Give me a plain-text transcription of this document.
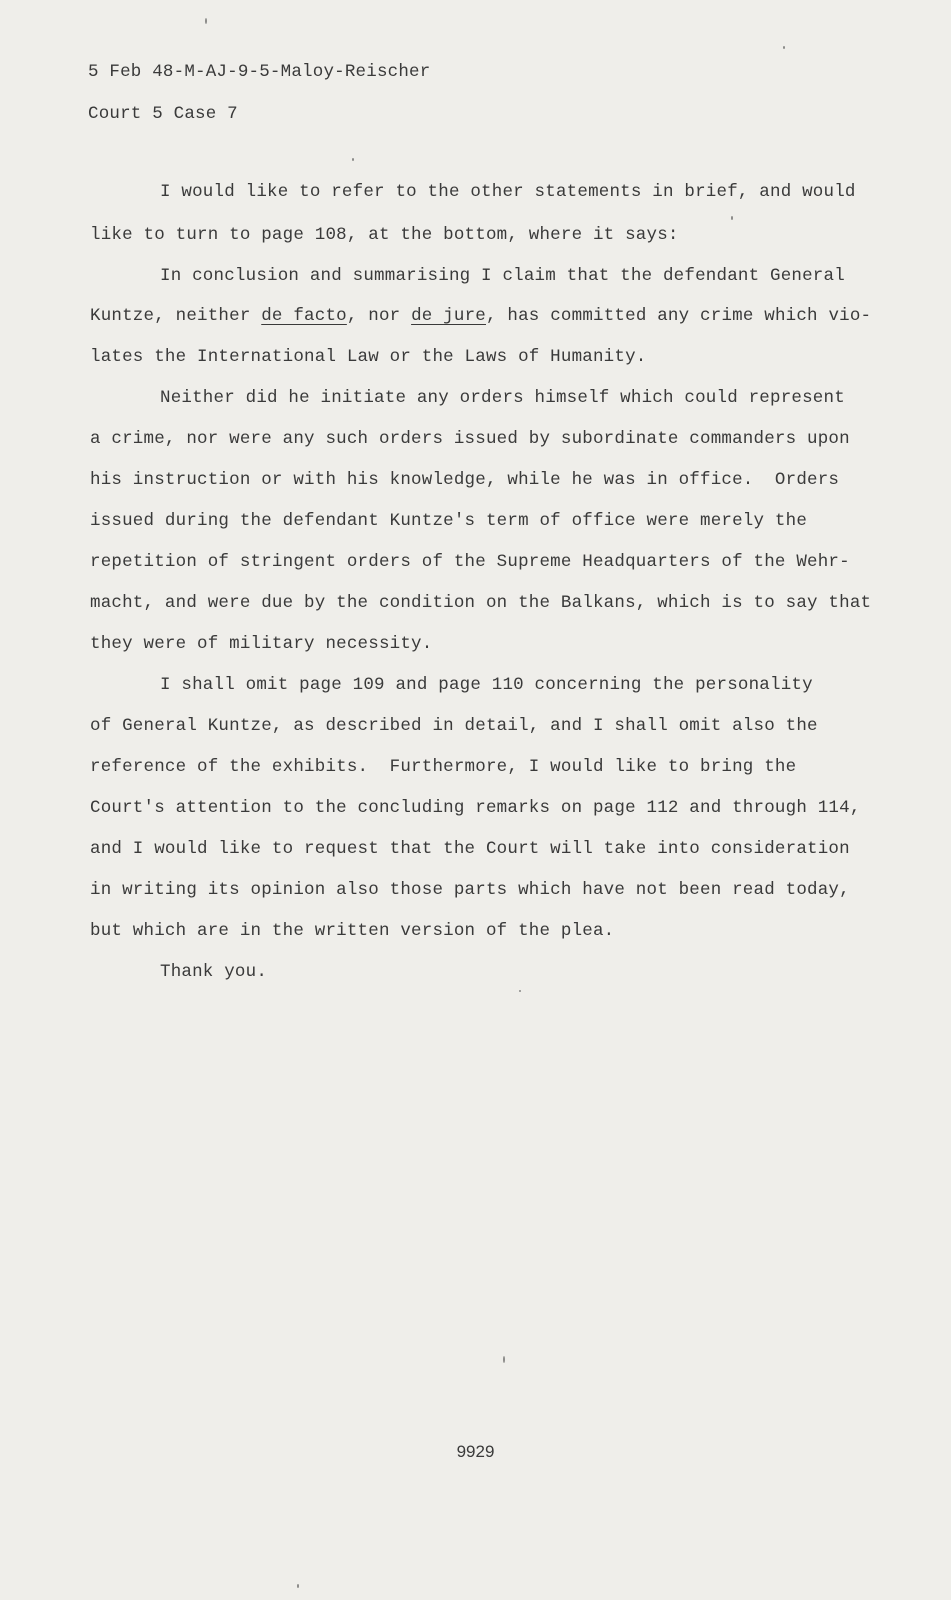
5 Feb 48-M-AJ-9-5-Maloy-Reischer
Court 5 Case 7
I would like to refer to the other statements in brief, and would
like to turn to page 108, at the bottom, where it says:
In conclusion and summarising I claim that the defendant General
Kuntze, neither de facto, nor de jure, has committed any crime which vio-
lates the International Law or the Laws of Humanity.
Neither did he initiate any orders himself which could represent
a crime, nor were any such orders issued by subordinate commanders upon
his instruction or with his knowledge, while he was in office.  Orders
issued during the defendant Kuntze's term of office were merely the
repetition of stringent orders of the Supreme Headquarters of the Wehr-
macht, and were due by the condition on the Balkans, which is to say that
they were of military necessity.
I shall omit page 109 and page 110 concerning the personality
of General Kuntze, as described in detail, and I shall omit also the
reference of the exhibits.  Furthermore, I would like to bring the
Court's attention to the concluding remarks on page 112 and through 114,
and I would like to request that the Court will take into consideration
in writing its opinion also those parts which have not been read today,
but which are in the written version of the plea.
Thank you.
9929
